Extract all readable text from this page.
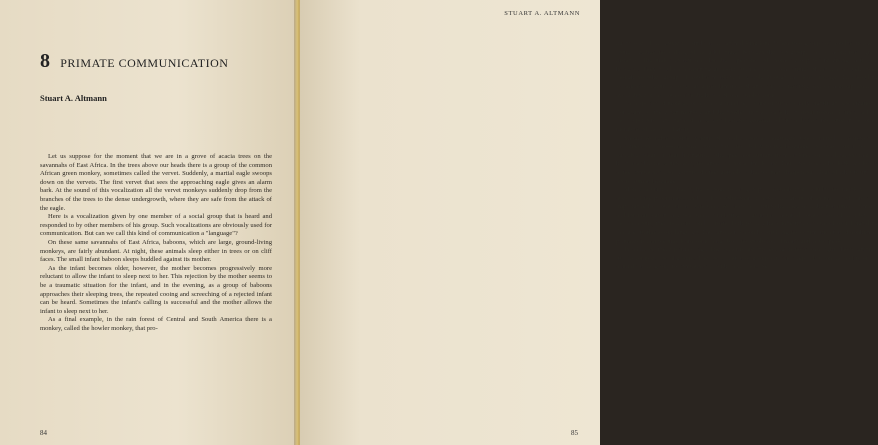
8 PRIMATE COMMUNICATION
Stuart A. Altmann

Let us suppose for the moment that we are in a grove of acacia trees on the savannahs of East Africa. In the trees above our heads there is a group of the common African green monkey, sometimes called the vervet. Suddenly, a martial eagle swoops down on the vervets. The first vervet that sees the approaching eagle gives an alarm bark. At the sound of this vocalization all the vervet monkeys suddenly drop from the branches of the trees to the dense undergrowth, where they are safe from the attack of the eagle.

Here is a vocalization given by one member of a social group that is heard and responded to by other members of his group. Such vocalizations are obviously used for communication. But can we call this kind of communication a "language"?

On these same savannahs of East Africa, baboons, which are large, ground-living monkeys, are fairly abundant. At night, these animals sleep either in trees or on cliff faces. The small infant baboon sleeps huddled against its mother.

As the infant becomes older, however, the mother becomes progressively more reluctant to allow the infant to sleep next to her. This rejection by the mother seems to be a traumatic situation for the infant, and in the evening, as a group of baboons approaches their sleeping trees, the repeated cooing and screeching of a rejected infant can be heard. Sometimes the infant's calling is successful and the mother allows the infant to sleep next to her.

As a final example, in the rain forest of Central and South America there is a monkey, called the howler monkey, that pro-

84
STUART A. ALTMANN

duces one of the loudest sounds in the animal kingdom. When two groups of howler monkeys come together, the calling of the adult males between the two groups can be heard for a great distance. The males do not wait for the appearance of another group before giving their call, however. They howl each morning at about sunrise and at other times of the day as well, even though no other group of howler monkeys is visible through the dense foliage. This howling vocalization seems to serve as a proclamation of an occupied territory and each group tends to avoid those areas from which the howls of other males come.

Each species of monkey or ape has a small repertoire of such socially significant vocalizations. For example, the green monkey and the howler monkey each have about twenty distinct calls in their repertoire. And each of these vocalizations generally elicits a distinct response in the other members of the social group.

Should we refer to such systems of vocalizations as languages? One's immediate response to this question is no—that only people have the ability to use language, to speak. But if we ask ourselves what it is that distinguishes the speech of humans from the kinds of vocalizations that we have heard in these monkeys, the answer is not a simple one. Thus, one reason for looking closely at the communication systems of other animals is that we may sharpen our ideas of what is unique about human language.

Man is a primate; that is, he belongs to the group of animals that includes the monkeys, the apes, and the prosimians. And so, for evolutionary reasons this group of animals is of particular importance for comparisons with man: we share a common heritage with the nonhuman primates and for that reason they bear many similarities to us in the chemical composition of their bodies, their anatomy, their behavior, and so forth. Perhaps they have inherited systems of social signaling that are similar to our language. Thus another reason for studying the communication of nonhuman primates is that we may learn something about the evolution of man's ability to speak.

In addition, these primate signaling systems are interesting in their own right. These animals live in complex social groups. The coordination of group activities depends upon the ability of the animals in the group to communicate with each other. We

85
